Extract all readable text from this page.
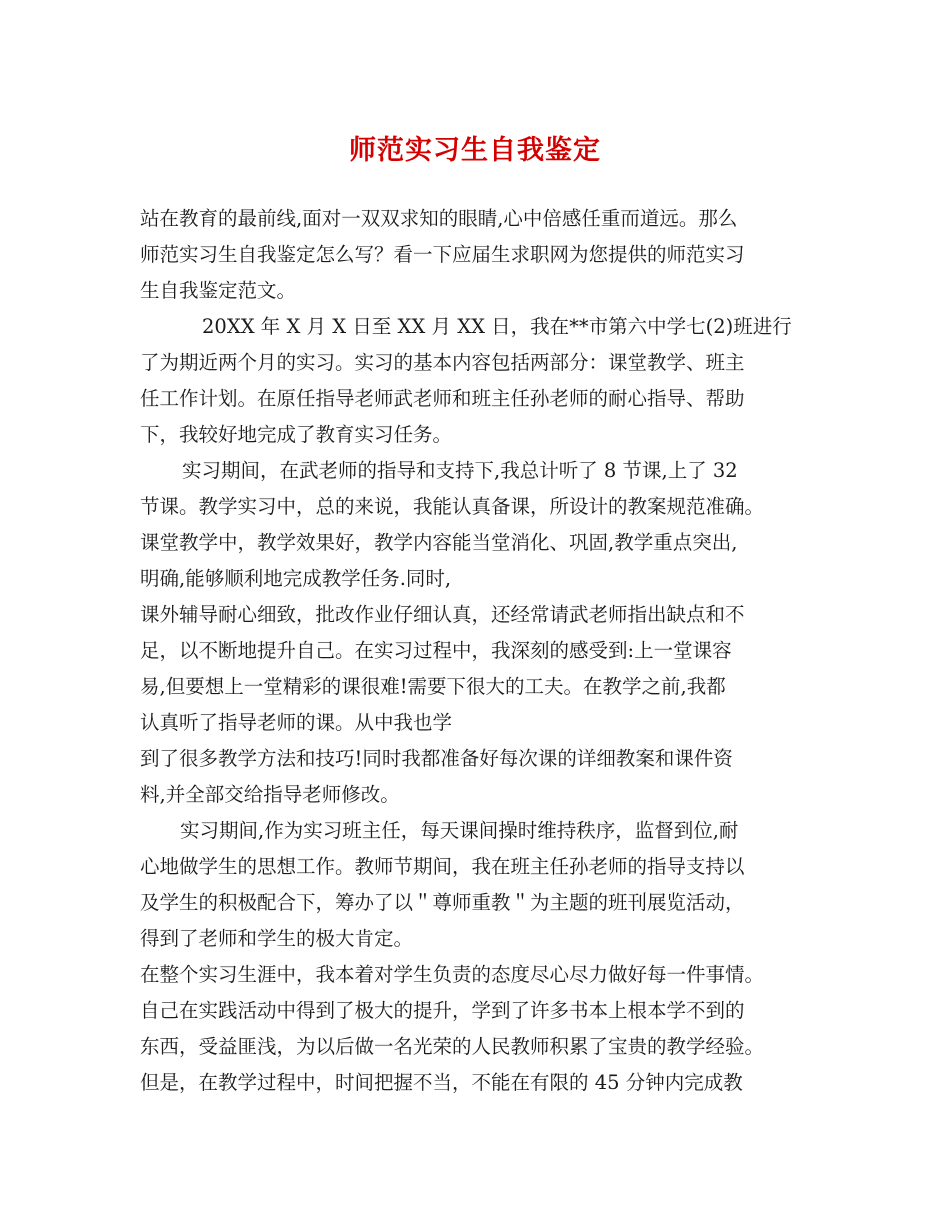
师范实习生自我鉴定
站在教育的最前线,面对一双双求知的眼睛,心中倍感任重而道远。那么
师范实习生自我鉴定怎么写？看一下应届生求职网为您提供的师范实习
生自我鉴定范文。
20XX 年 X 月 X 日至 XX 月 XX 日，我在**市第六中学七(2)班进行
了为期近两个月的实习。实习的基本内容包括两部分：课堂教学、班主
任工作计划。在原任指导老师武老师和班主任孙老师的耐心指导、帮助
下，我较好地完成了教育实习任务。
实习期间，在武老师的指导和支持下,我总计听了 8 节课,上了 32
节课。教学实习中，总的来说，我能认真备课，所设计的教案规范准确。
课堂教学中，教学效果好，教学内容能当堂消化、巩固,教学重点突出,
明确,能够顺利地完成教学任务.同时,
课外辅导耐心细致，批改作业仔细认真，还经常请武老师指出缺点和不
足，以不断地提升自己。在实习过程中，我深刻的感受到:上一堂课容
易,但要想上一堂精彩的课很难!需要下很大的工夫。在教学之前,我都
认真听了指导老师的课。从中我也学
到了很多教学方法和技巧!同时我都准备好每次课的详细教案和课件资
料,并全部交给指导老师修改。
实习期间,作为实习班主任，每天课间操时维持秩序，监督到位,耐
心地做学生的思想工作。教师节期间，我在班主任孙老师的指导支持以
及学生的积极配合下，筹办了以＂尊师重教＂为主题的班刊展览活动，
得到了老师和学生的极大肯定。
在整个实习生涯中，我本着对学生负责的态度尽心尽力做好每一件事情。
自己在实践活动中得到了极大的提升，学到了许多书本上根本学不到的
东西，受益匪浅，为以后做一名光荣的人民教师积累了宝贵的教学经验。
但是，在教学过程中，时间把握不当，不能在有限的 45 分钟内完成教
